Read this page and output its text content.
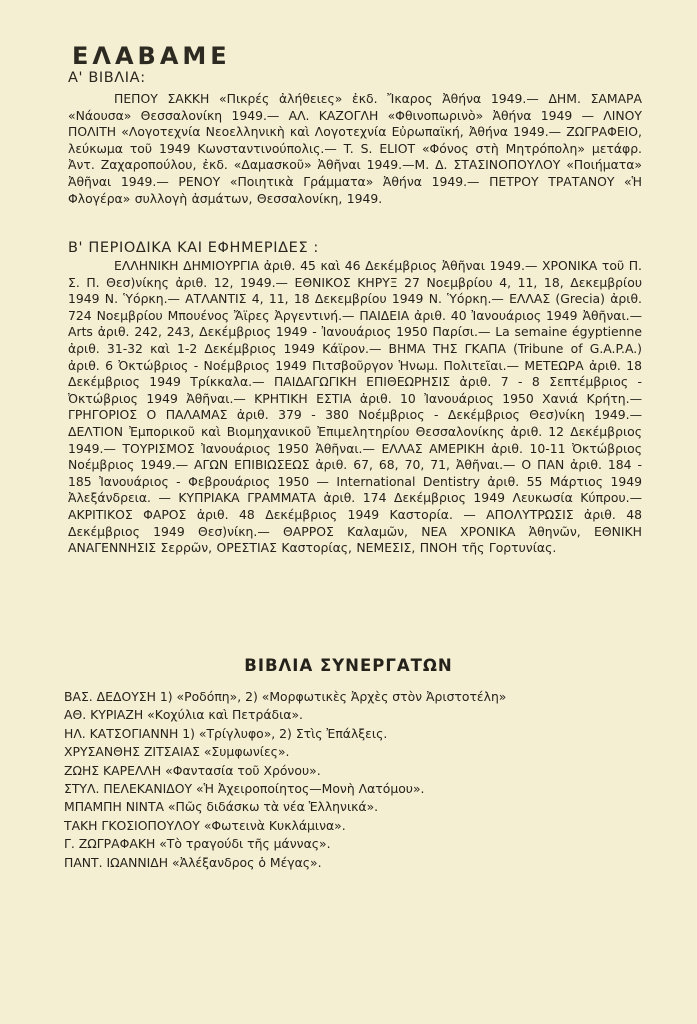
ΕΛΑΒΑΜΕ

Α' ΒΙΒΛΙΑ:

ΠΕΠΟΥ ΣΑΚΚΗ «Πικρές ἀλήθειες» ἐκδ. Ἴκαρος Ἀθήνα 1949.— ΔΗΜ. ΣΑΜΑΡΑ «Νάουσα» Θεσσαλονίκη 1949.— ΑΛ. ΚΑΖΟΓΛΗ «Φθινοπωρινὸ» Ἀθήνα 1949 — ΛΙΝΟΥ ΠΟΛΙΤΗ «Λογοτεχνία Νεοελληνικὴ καὶ Λογοτεχνία Εὐρωπαϊκή, Ἀθήνα 1949.— ΖΩΓΡΑΦΕΙΟ, λεύκωμα τοῦ 1949 Κωνσταντινούπολις.— T. S. ELIOT «Φόνος στὴ Μητρόπολη» μετάφρ. Ἀντ. Ζαχαροπούλου, ἐκδ. «Δαμασκοῦ» Ἀθῆναι 1949.—Μ. Δ. ΣΤΑΣΙΝΟΠΟΥΛΟΥ «Ποιήματα» Ἀθῆναι 1949.— ΡΕΝΟΥ «Ποιητικὰ Γράμματα» Ἀθήνα 1949.— ΠΕΤΡΟΥ ΤΡΑΤΑΝΟΥ «Ἡ Φλογέρα» συλλογὴ ἀσμάτων, Θεσσαλονίκη, 1949.

Β' ΠΕΡΙΟΔΙΚΑ ΚΑΙ ΕΦΗΜΕΡΙΔΕΣ :

ΕΛΛΗΝΙΚΗ ΔΗΜΙΟΥΡΓΙΑ ἀριθ. 45 καὶ 46 Δεκέμβριος Ἀθῆναι 1949.— ΧΡΟΝΙΚΑ τοῦ Π. Σ. Π. Θεσ)νίκης ἀριθ. 12, 1949.— ΕΘΝΙΚΟΣ ΚΗΡΥΞ 27 Νοεμβρίου 4, 11, 18, Δεκεμβρίου 1949 Ν. Ὑόρκη.— ΑΤΛΑΝΤΙΣ 4, 11, 18 Δεκεμβρίου 1949 Ν. Ὑόρκη.— ΕΛΛΑΣ (Grecia) ἀριθ. 724 Νοεμβρίου Μπουένος Ἄϊρες Ἀργεντινή.— ΠΑΙΔΕΙΑ ἀριθ. 40 Ἰανουάριος 1949 Ἀθῆναι.— Arts ἀριθ. 242, 243, Δεκέμβριος 1949 - Ἰανουάριος 1950 Παρίσι.— La semaine égyptienne ἀριθ. 31-32 καὶ 1-2 Δεκέμβριος 1949 Κάϊρον.— ΒΗΜΑ ΤΗΣ ΓΚΑΠΑ (Tribune of G.A.P.A.) ἀριθ. 6 Ὀκτώβριος - Νοέμβριος 1949 Πιτσβοῦργον Ἡνωμ. Πολιτεῖαι.— ΜΕΤΕΩΡΑ ἀριθ. 18 Δεκέμβριος 1949 Τρίκκαλα.— ΠΑΙΔΑΓΩΓΙΚΗ ΕΠΙΘΕΩΡΗΣΙΣ ἀριθ. 7 - 8 Σεπτέμβριος - Ὀκτώβριος 1949 Ἀθῆναι.— ΚΡΗΤΙΚΗ ΕΣΤΙΑ ἀριθ. 10 Ἰανουάριος 1950 Χανιά Κρήτη.— ΓΡΗΓΟΡΙΟΣ Ο ΠΑΛΑΜΑΣ ἀριθ. 379 - 380 Νοέμβριος - Δεκέμβριος Θεσ)νίκη 1949.— ΔΕΛΤΙΟΝ Ἐμπορικοῦ καὶ Βιομηχανικοῦ Ἐπιμελητηρίου Θεσσαλονίκης ἀριθ. 12 Δεκέμβριος 1949.— ΤΟΥΡΙΣΜΟΣ Ἰανουάριος 1950 Ἀθῆναι.— ΕΛΛΑΣ ΑΜΕΡΙΚΗ ἀριθ. 10-11 Ὀκτώβριος Νοέμβριος 1949.— ΑΓΩΝ ΕΠΙΒΙΩΣΕΩΣ ἀριθ. 67, 68, 70, 71, Ἀθῆναι.— Ο ΠΑΝ ἀριθ. 184 - 185 Ἰανουάριος - Φεβρουάριος 1950 — International Dentistry ἀριθ. 55 Μάρτιος 1949 Ἀλεξάνδρεια. — ΚΥΠΡΙΑΚΑ ΓΡΑΜΜΑΤΑ ἀριθ. 174 Δεκέμβριος 1949 Λευκωσία Κύπρου.— ΑΚΡΙΤΙΚΟΣ ΦΑΡΟΣ ἀριθ. 48 Δεκέμβριος 1949 Καστορία. — ΑΠΟΛΥΤΡΩΣΙΣ ἀριθ. 48 Δεκέμβριος 1949 Θεσ)νίκη.— ΘΑΡΡΟΣ Καλαμῶν, ΝΕΑ ΧΡΟΝΙΚΑ Ἀθηνῶν, ΕΘΝΙΚΗ ΑΝΑΓΕΝΝΗΣΙΣ Σερρῶν, ΟΡΕΣΤΙΑΣ Καστορίας, ΝΕΜΕΣΙΣ, ΠΝΟΗ τῆς Γορτυνίας.

ΒΙΒΛΙΑ ΣΥΝΕΡΓΑΤΩΝ
ΒΑΣ. ΔΕΔΟΥΣΗ 1) «Ροδόπη», 2) «Μορφωτικὲς Ἀρχὲς στὸν Ἀριστοτέλη»
ΑΘ. ΚΥΡΙΑΖΗ «Κοχύλια καὶ Πετράδια».
ΗΛ. ΚΑΤΣΟΓΙΑΝΝΗ 1) «Τρίγλυφο», 2) Στὶς Ἐπάλξεις.
ΧΡΥΣΑΝΘΗΣ ΖΙΤΣΑΙΑΣ «Συμφωνίες».
ΖΩΗΣ ΚΑΡΕΛΛΗ «Φαντασία τοῦ Χρόνου».
ΣΤΥΛ. ΠΕΛΕΚΑΝΙΔΟΥ «Ἡ Ἀχειροποίητος—Μονὴ Λατόμου».
ΜΠΑΜΠΗ ΝΙΝΤΑ «Πῶς διδάσκω τὰ νέα Ἑλληνικά».
ΤΑΚΗ ΓΚΟΣΙΟΠΟΥΛΟΥ «Φωτεινὰ Κυκλάμινα».
Γ. ΖΩΓΡΑΦΑΚΗ «Τὸ τραγούδι τῆς μάννας».
ΠΑΝΤ. ΙΩΑΝΝΙΔΗ «Ἀλέξανδρος ὁ Μέγας».
